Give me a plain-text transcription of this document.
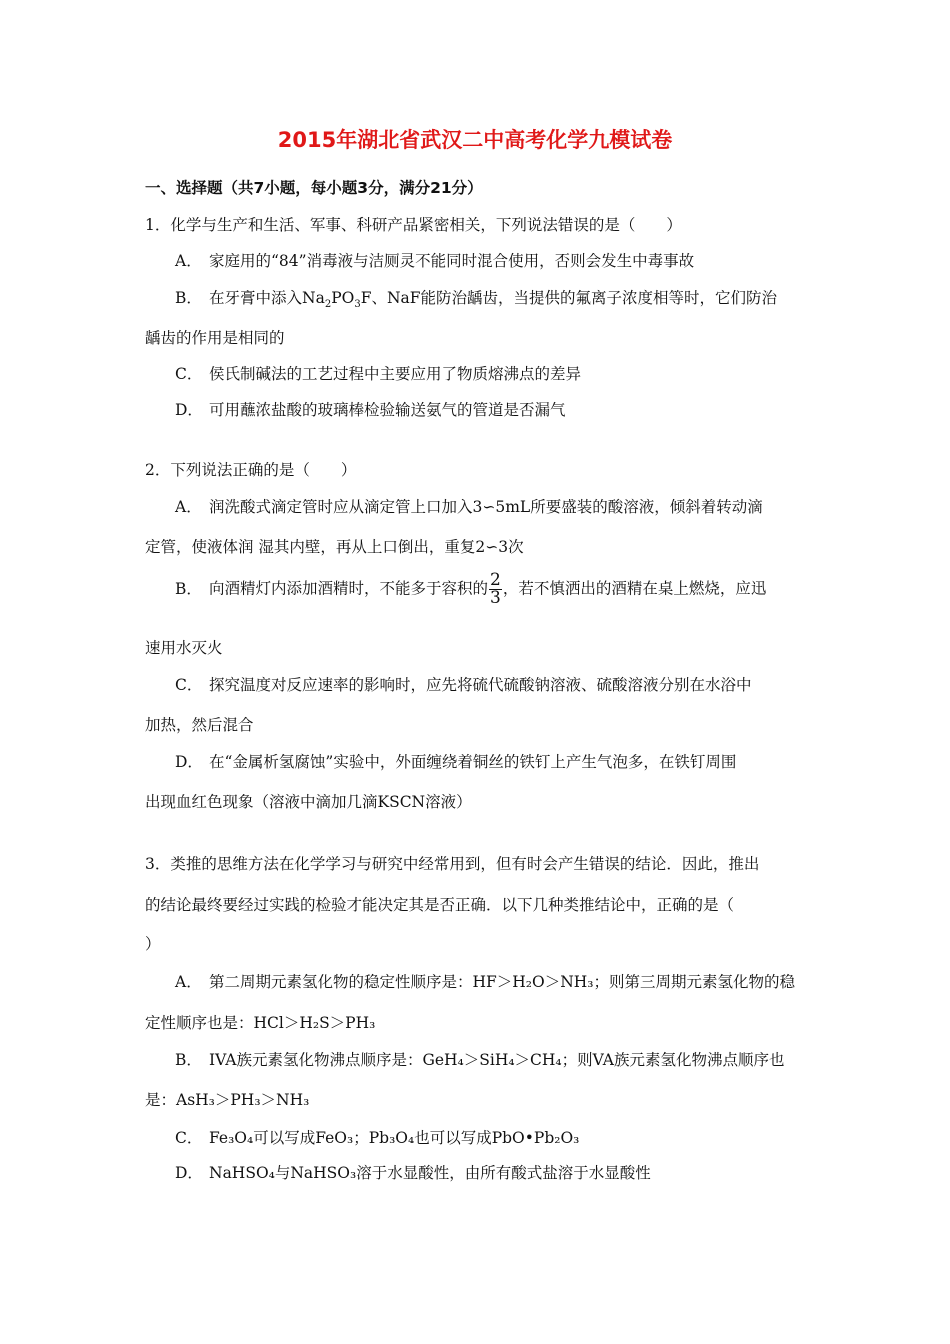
2015年湖北省武汉二中高考化学九模试卷
一、选择题（共7小题，每小题3分，满分21分）
1．化学与生产和生活、军事、科研产品紧密相关，下列说法错误的是（　　）
A． 家庭用的“84”消毒液与洁厕灵不能同时混合使用，否则会发生中毒事故
B． 在牙膏中添入$Na_2PO_3F$、NaF能防治龋齿，当提供的氟离子浓度相等时，它们防治
龋齿的作用是相同的
C． 侯氏制碱法的工艺过程中主要应用了物质熔沸点的差异
D． 可用蘸浓盐酸的玻璃棒检验输送氨气的管道是否漏气
2．下列说法正确的是（　　）
A． 润洗酸式滴定管时应从滴定管上口加入3∽5mL所要盛装的酸溶液，倾斜着转动滴
定管，使液体润 湿其内壁，再从上口倒出，重复2∽3次
B． 向酒精灯内添加酒精时，不能多于容积的 $\frac{2}{3}$ ，若不慎洒出的酒精在桌上燃烧，应迅
速用水灭火
C． 探究温度对反应速率的影响时，应先将硫代硫酸钠溶液、硫酸溶液分别在水浴中
加热，然后混合
D． 在“金属析氢腐蚀”实验中，外面缠绕着铜丝的铁钉上产生气泡多，在铁钉周围
出现血红色现象（溶液中滴加几滴KSCN溶液）
3．类推的思维方法在化学学习与研究中经常用到，但有时会产生错误的结论．因此，推出
的结论最终要经过实践的检验才能决定其是否正确．以下几种类推结论中，正确的是（
）
A． 第二周期元素氢化物的稳定性顺序是：HF＞H₂O＞NH₃；则第三周期元素氢化物的稳
定性顺序也是：HCl＞H₂S＞PH₃
B． IVA族元素氢化物沸点顺序是：GeH₄＞SiH₄＞CH₄；则VA族元素氢化物沸点顺序也
是：AsH₃＞PH₃＞NH₃
C． Fe₃O₄可以写成FeO₃；Pb₃O₄也可以写成PbO•Pb₂O₃
D． NaHSO₄与NaHSO₃溶于水显酸性，由所有酸式盐溶于水显酸性
